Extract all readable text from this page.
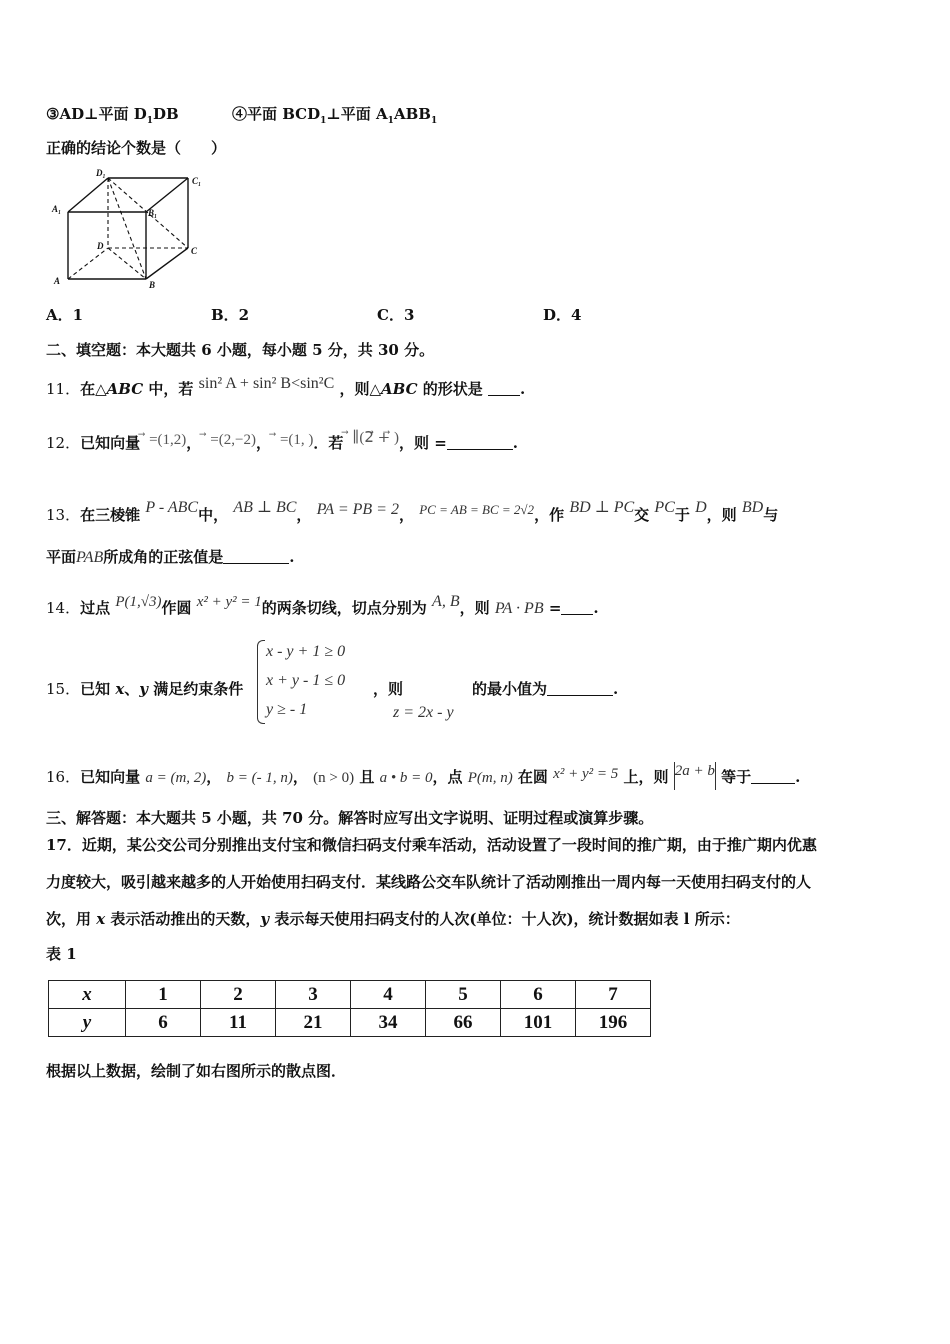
③AD⊥平面 $D_1DB$	④平面 $BCD_1\perp$平面 $A_1ABB_1$
正确的结论个数是（　　）
D₁
C₁
A₁	B₁
D	C
A	B
A．1	B．2	C．3	D．4
二、填空题：本大题共 6 小题，每小题 5 分，共 30 分。
11．在△ABC 中，若 sin² A + sin² B<sin²C ，则△ABC 的形状是 .
12．已知向量 ⃗ =(1,2)， ⃗ =(2,−2)， ⃗ =(1, )．若 ⃗ ∥(2⃗ +⃗ )，则 =	.
13．在三棱锥 P - ABC中， AB ⊥ BC， PA = PB = 2， PC = AB = BC = 2√2，作 BD ⊥ PC交 PC于 D，则 BD与
平面PAB所成角的正弦值是	.
14．过点 P(1,√3)作圆 x² + y² = 1的两条切线，切点分别为 A, B，则 PA · PB = .
15．已知 x、y 满足约束条件
x - y + 1 ≥ 0
x + y - 1 ≤ 0
y ≥ - 1
，则
z = 2x - y
的最小值为	.
16．已知向量 a = (m, 2)， b = (- 1, n)， (n > 0) 且 a • b = 0，点 P(m, n) 在圆 x² + y² = 5 上，则 2a + b 等于	.
三、解答题：本大题共 5 小题，共 70 分。解答时应写出文字说明、证明过程或演算步骤。
17．近期，某公交公司分别推出支付宝和微信扫码支付乘车活动，活动设置了一段时间的推广期，由于推广期内优惠
力度较大，吸引越来越多的人开始使用扫码支付．某线路公交车队统计了活动刚推出一周内每一天使用扫码支付的人
次，用 x 表示活动推出的天数，y 表示每天使用扫码支付的人次(单位：十人次)，统计数据如表 l 所示：
表 1
x	1	2	3	4	5	6	7
y	6	11	21	34	66	101	196
根据以上数据，绘制了如右图所示的散点图．
